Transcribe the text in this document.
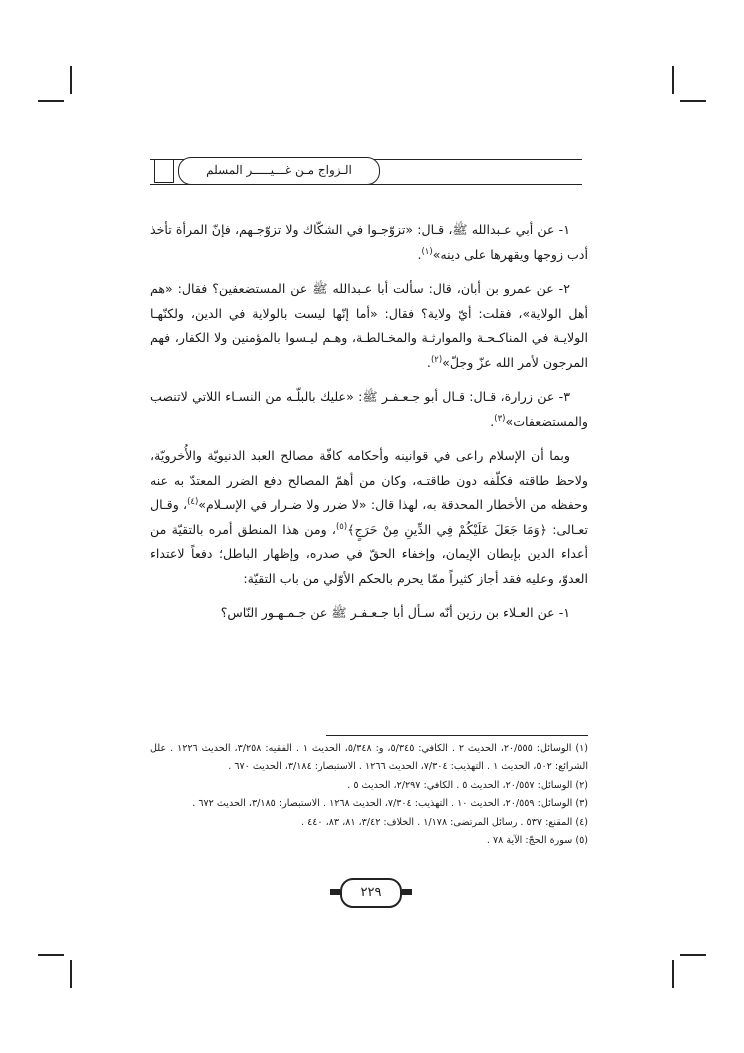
الـزواج مـن غـــيـــــر المسلم

١- عن أبي عـبدالله ﷺ، قـال: «تزوّجـوا في الشكّاك ولا تزوّجـهم، فإنّ المرأة تأخذ أدب زوجها ويقهرها على دينه»$^{(١)}$.

٢- عن عمرو بن أبان، قال: سألت أبا عـبدالله ﷺ عن المستضعفين؟ فقال: «هم أهل الولاية»، فقلت: أيّ ولاية؟ فقال: «أما إنّها ليست بالولاية في الدين، ولكنّهـا الولايـة في المناكـحـة والموارثـة والمخـالطـة، وهـم ليـسوا بالمؤمنين ولا الكفار، فهم المرجون لأمر الله عزّ وجلّ»$^{(٢)}$.

٣- عن زرارة، قـال: قـال أبو جـعـفـر ﷺ: «عليك بالبلّـه من النسـاء اللاتي لاتنصب والمستضعفات»$^{(٣)}$.

وبما أن الإسلام راعى في قوانينه وأحكامه كافّة مصالح العبد الدنيويّة والأُخرويّة، ولاحظ طاقته فكلّفه دون طاقتـه، وكان من أهمّ المصالح دفع الضرر المعتدّ به عنه وحفظه من الأخطار المحدقة به، لهذا قال: «لا ضرر ولا ضـرار في الإسـلام»$^{(٤)}$، وقـال تعـالى: ﴿وَمَا جَعَلَ عَلَيْكُمْ فِي الدِّينِ مِنْ حَرَجٍ﴾$^{(٥)}$، ومن هذا المنطق أمره بالتقيّة من أعداء الدين بإبطان الإيمان، وإخفاء الحقّ في صدره، وإظهار الباطل؛ دفعاً لاعتداء العدوّ، وعليه فقد أجاز كثيراً ممّا يحرم بالحكم الأوّلي من باب التقيّة:

١- عن العـلاء بن رزين أنّه سـأل أبا جـعـفـر ﷺ عن جـمـهـور النّاس؟

(١) الوسائل: ٢٠/٥٥٥، الحديث ٢ . الكافي: ٥/٣٤٥، و: ٥/٣٤٨، الحديث ١ . الفقيه: ٣/٢٥٨، الحديث ١٢٢٦ . علل الشرائع: ٥٠٢، الحديث ١ . التهذيب: ٧/٣٠٤، الحديث ١٢٦٦ . الاستبصار: ٣/١٨٤، الحديث ٦٧٠ .

(٢) الوسائل: ٢٠/٥٥٧، الحديث ٥ . الكافي: ٢/٢٩٧، الحديث ٥ .

(٣) الوسائل: ٢٠/٥٥٩، الحديث ١٠ . التهذيب: ٧/٣٠٤، الحديث ١٢٦٨ . الاستبصار: ٣/١٨٥، الحديث ٦٧٢ .

(٤) المقنع: ٥٣٧ . رسائل المرتضى: ١/١٧٨ . الخلاف: ٣/٤٢، ٨١، ٨٣، ٤٤٠ .

(٥) سورة الحجّ: الآية ٧٨ .

٢٢٩
